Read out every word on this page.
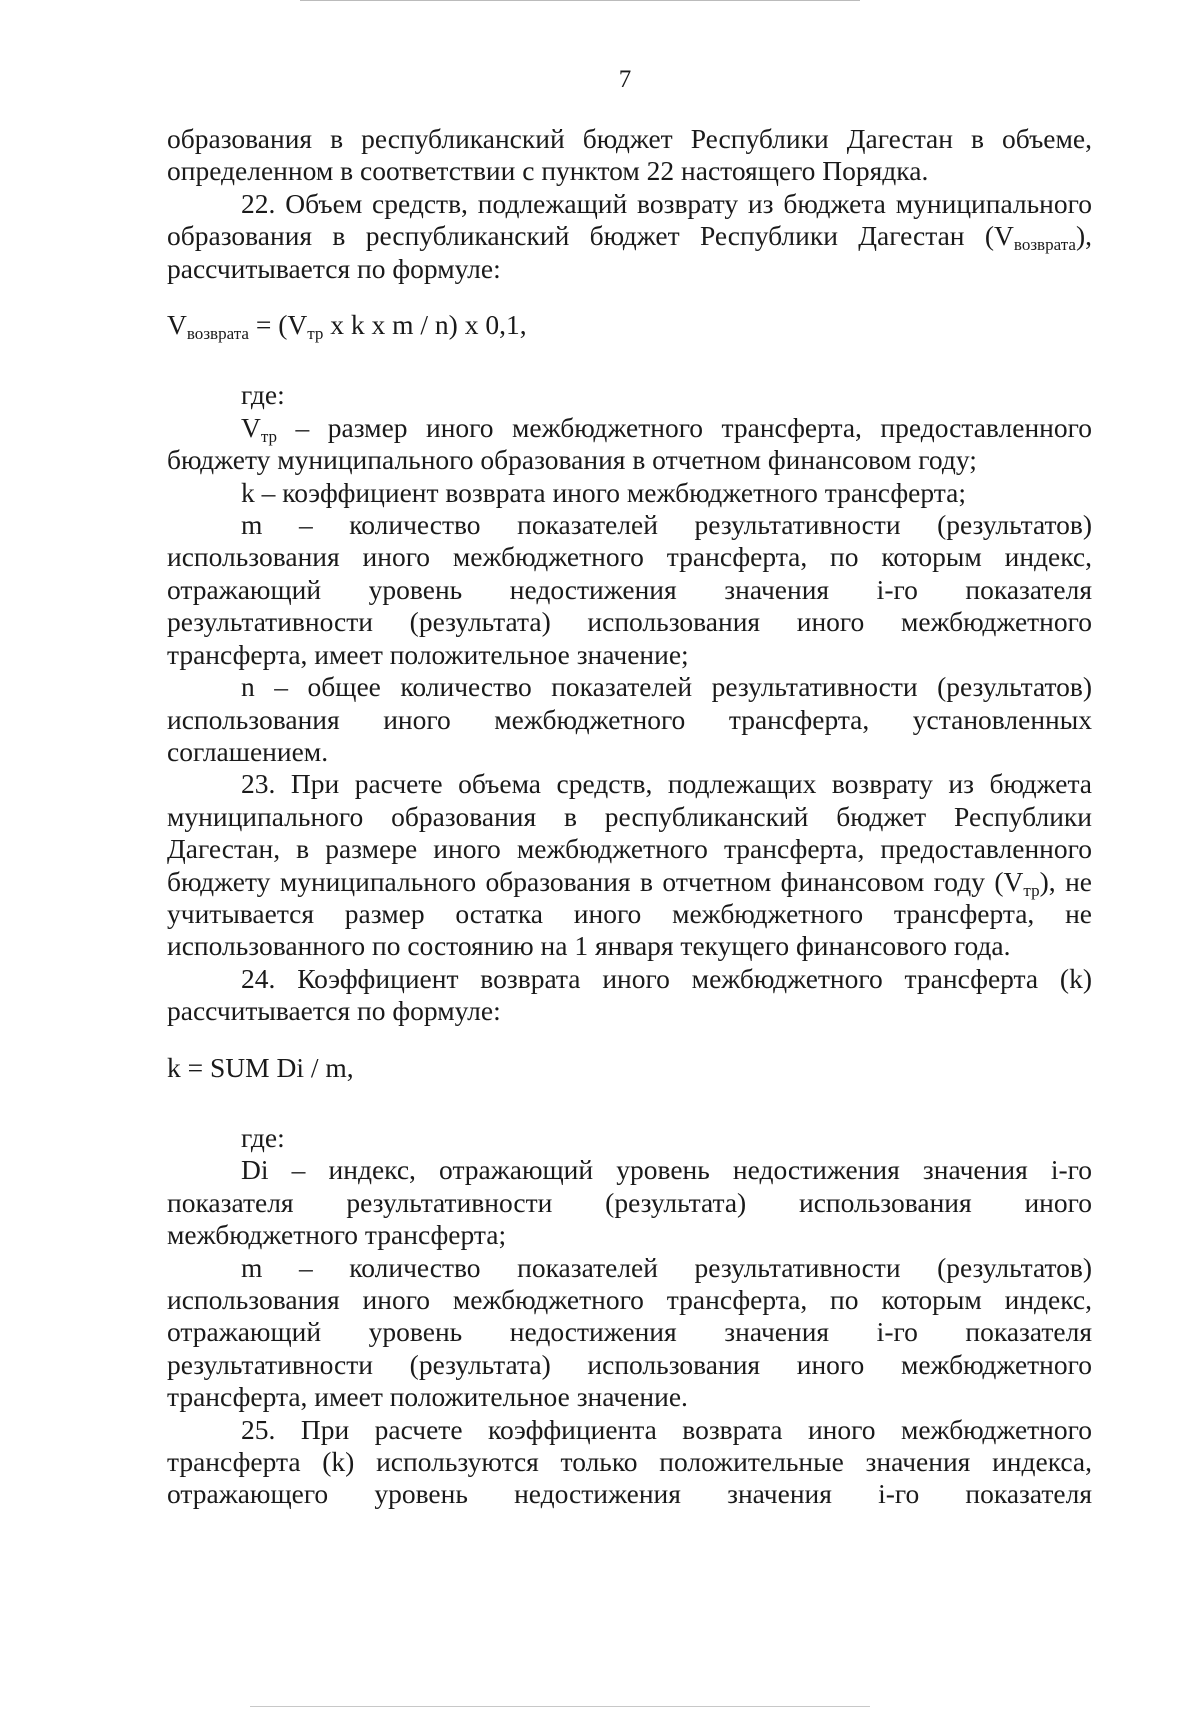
7

образования в республиканский бюджет Республики Дагестан в объеме, определенном в соответствии с пунктом 22 настоящего Порядка.

22. Объем средств, подлежащий возврату из бюджета муниципального образования в республиканский бюджет Республики Дагестан $(V_{возврата})$, рассчитывается по формуле:

$V_{возврата} = (V_{тр}$ x k x m / n) x 0,1,

где:

$V_{тр}$ – размер иного межбюджетного трансферта, предоставленного бюджету муниципального образования в отчетном финансовом году;

k – коэффициент возврата иного межбюджетного трансферта;

m – количество показателей результативности (результатов) использования иного межбюджетного трансферта, по которым индекс, отражающий уровень недостижения значения i-го показателя результативности (результата) использования иного межбюджетного трансферта, имеет положительное значение;

n – общее количество показателей результативности (результатов) использования иного межбюджетного трансферта, установленных соглашением.

23. При расчете объема средств, подлежащих возврату из бюджета муниципального образования в республиканский бюджет Республики Дагестан, в размере иного межбюджетного трансферта, предоставленного бюджету муниципального образования в отчетном финансовом году $(V_{тр})$, не учитывается размер остатка иного межбюджетного трансферта, не использованного по состоянию на 1 января текущего финансового года.

24. Коэффициент возврата иного межбюджетного трансферта (k) рассчитывается по формуле:

k = SUM Di / m,

где:

Di – индекс, отражающий уровень недостижения значения i-го показателя результативности (результата) использования иного межбюджетного трансферта;

m – количество показателей результативности (результатов) использования иного межбюджетного трансферта, по которым индекс, отражающий уровень недостижения значения i-го показателя результативности (результата) использования иного межбюджетного трансферта, имеет положительное значение.

25. При расчете коэффициента возврата иного межбюджетного трансферта (k) используются только положительные значения индекса, отражающего уровень недостижения значения i-го показателя
